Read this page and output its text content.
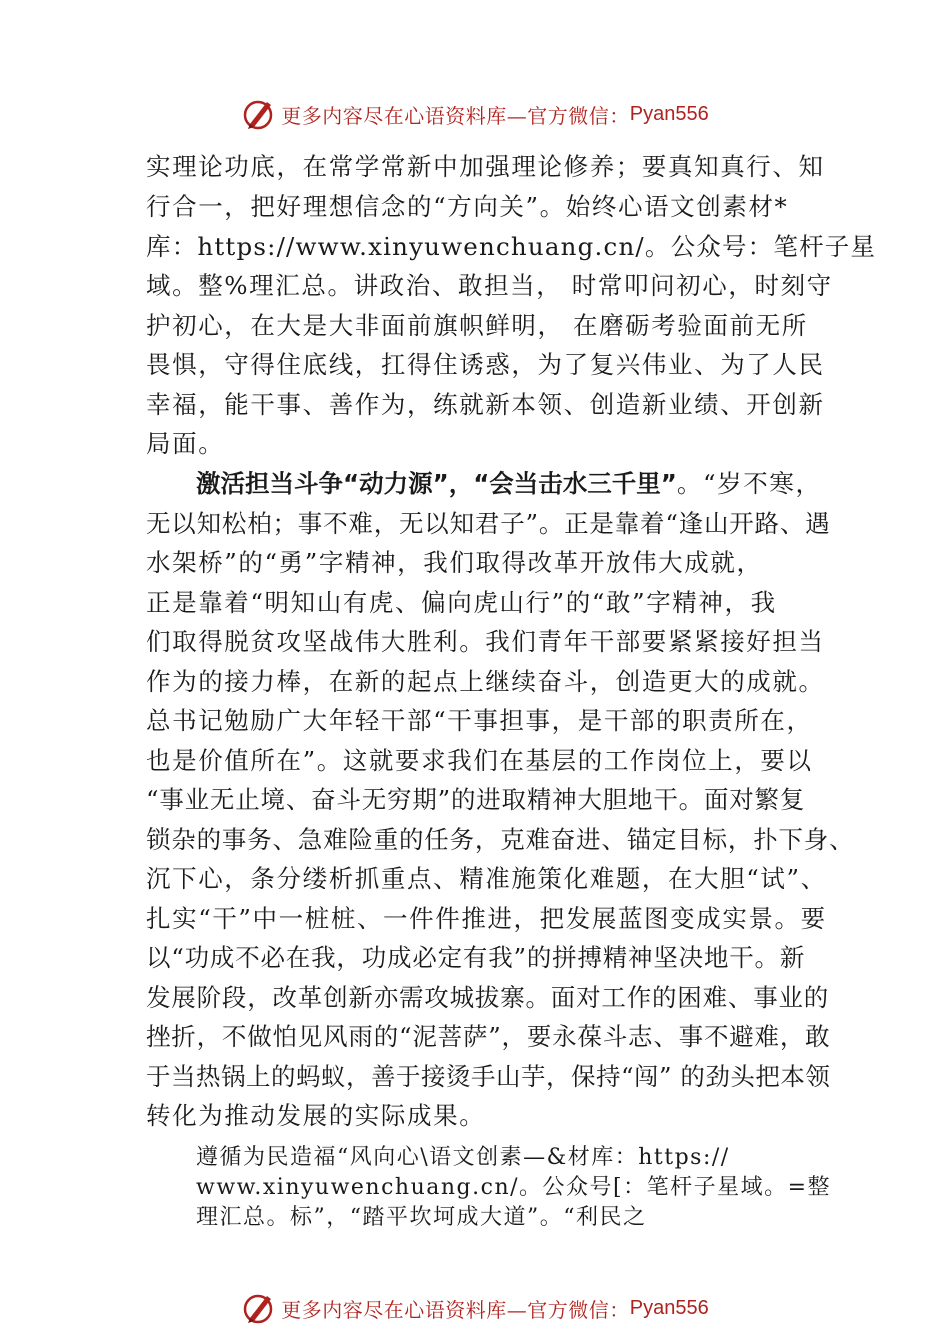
更多内容尽在心语资料库—官方微信： Pyan556
实理论功底，在常学常新中加强理论修养；要真知真行、知
行合一，把好理想信念的“方向关”。始终心语文创素材*
库：https://www.xinyuwenchuang.cn/。公众号：笔杆子星
域。整%理汇总。讲政治、敢担当， 时常叩问初心，时刻守
护初心，在大是大非面前旗帜鲜明， 在磨砺考验面前无所
畏惧，守得住底线，扛得住诱惑，为了复兴伟业、为了人民
幸福，能干事、善作为，练就新本领、创造新业绩、开创新
局面。
激活担当斗争“动力源”，“会当击水三千里”。“岁不寒，
无以知松柏；事不难，无以知君子”。正是靠着“逢山开路、遇
水架桥”的“勇”字精神，我们取得改革开放伟大成就，
正是靠着“明知山有虎、偏向虎山行”的“敢”字精神，我
们取得脱贫攻坚战伟大胜利。我们青年干部要紧紧接好担当
作为的接力棒，在新的起点上继续奋斗，创造更大的成就。
总书记勉励广大年轻干部“干事担事，是干部的职责所在，
也是价值所在”。这就要求我们在基层的工作岗位上，要以
“事业无止境、奋斗无穷期”的进取精神大胆地干。面对繁复
锁杂的事务、急难险重的任务，克难奋进、锚定目标，扑下身、
沉下心，条分缕析抓重点、精准施策化难题，在大胆“试”、
扎实“干”中一桩桩、一件件推进，把发展蓝图变成实景。要
以“功成不必在我，功成必定有我”的拼搏精神坚决地干。新
发展阶段，改革创新亦需攻城拔寨。面对工作的困难、事业的
挫折，不做怕见风雨的“泥菩萨”，要永葆斗志、事不避难，敢
于当热锅上的蚂蚁，善于接烫手山芋，保持“闯” 的劲头把本领
转化为推动发展的实际成果。
遵循为民造福“风向心\语文创素—&材库：https://
www.xinyuwenchuang.cn/。公众号[：笔杆子星域。=整
理汇总。标”，“踏平坎坷成大道”。“利民之
更多内容尽在心语资料库—官方微信： Pyan556
